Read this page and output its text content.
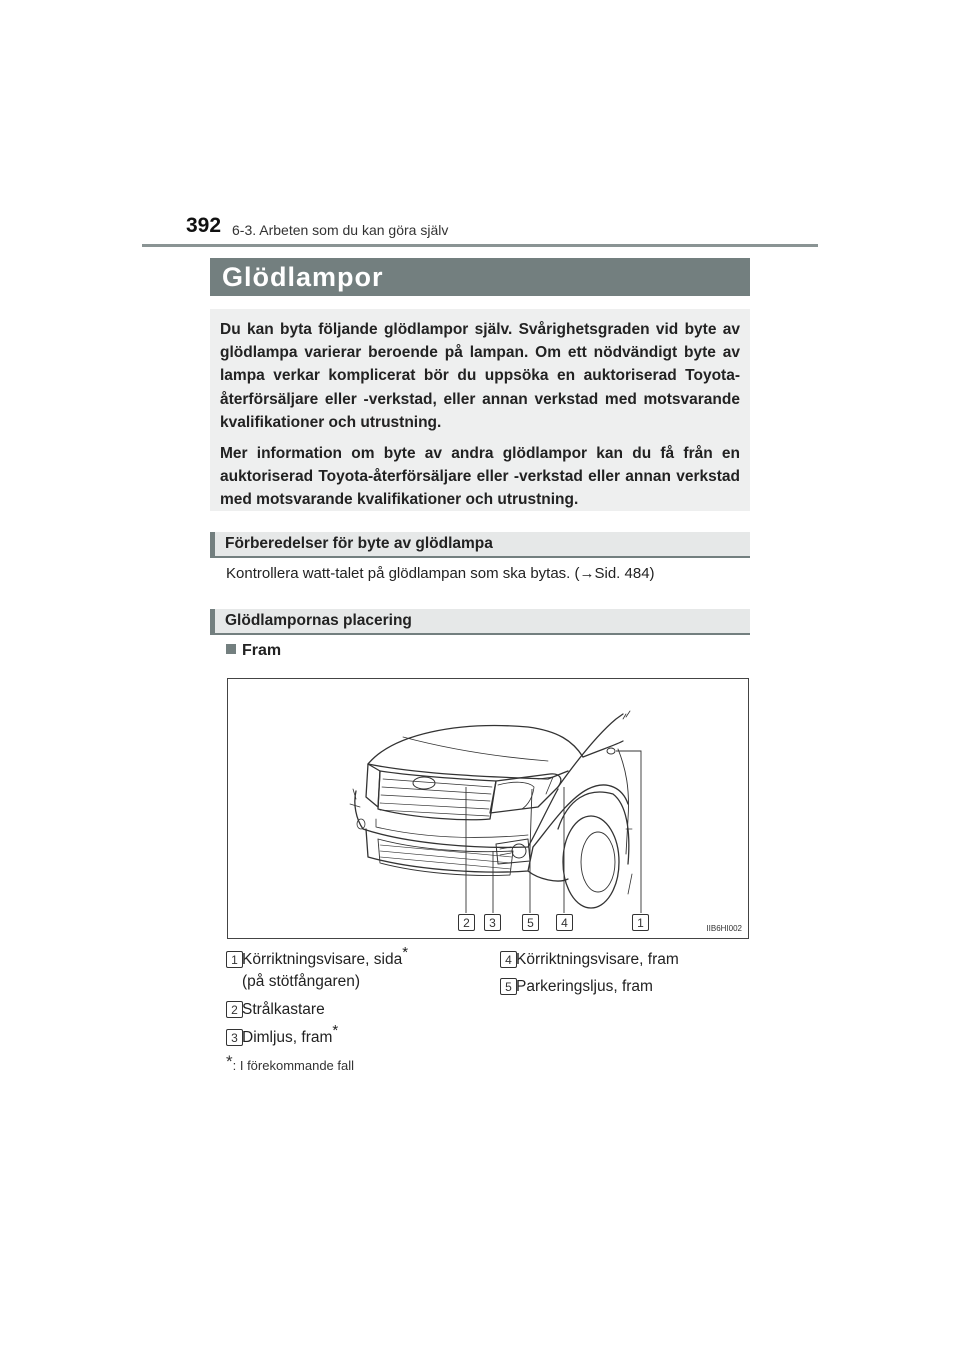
392 6-3. Arbeten som du kan göra själv
Glödlampor

Du kan byta följande glödlampor själv. Svårighetsgraden vid byte av glödlampa varierar beroende på lampan. Om ett nödvändigt byte av lampa verkar komplicerat bör du uppsöka en auktoriserad Toyota-återförsäljare eller -verkstad, eller annan verkstad med motsvarande kvalifikationer och utrustning.

Mer information om byte av andra glödlampor kan du få från en auktoriserad Toyota-återförsäljare eller -verkstad eller annan verkstad med motsvarande kvalifikationer och utrustning.

Förberedelser för byte av glödlampa
Kontrollera watt-talet på glödlampan som ska bytas. (→Sid. 484)
Glödlampornas placering
Fram
2	3	5	4	1	IIB6HI002
1 Körriktningsvisare, sida*
(på stötfångaren)
2 Strålkastare
3 Dimljus, fram*
4 Körriktningsvisare, fram
5 Parkeringsljus, fram
*: I förekommande fall
